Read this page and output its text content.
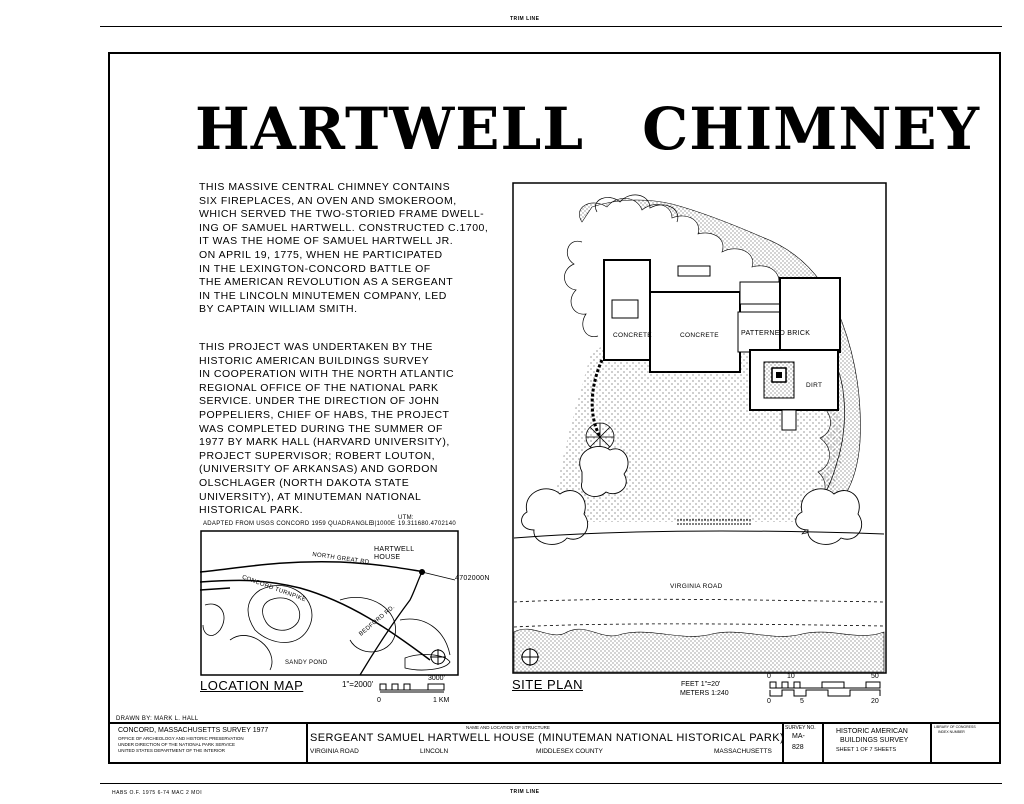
TRIM LINE
TRIM LINE
HABS O.F. 1975 6-74 MAC 2 MOI
HARTWELL CHIMNEY
THIS MASSIVE CENTRAL CHIMNEY CONTAINS
SIX FIREPLACES, AN OVEN AND SMOKEROOM,
WHICH SERVED THE TWO-STORIED FRAME DWELL-
ING OF SAMUEL HARTWELL. CONSTRUCTED C.1700,
IT WAS THE HOME OF SAMUEL HARTWELL JR.
ON APRIL 19, 1775, WHEN HE PARTICIPATED
IN THE LEXINGTON-CONCORD BATTLE OF
THE AMERICAN REVOLUTION AS A SERGEANT
IN THE LINCOLN MINUTEMEN COMPANY, LED
BY CAPTAIN WILLIAM SMITH.
THIS PROJECT WAS UNDERTAKEN BY THE
HISTORIC AMERICAN BUILDINGS SURVEY
IN COOPERATION WITH THE NORTH ATLANTIC
REGIONAL OFFICE OF THE NATIONAL PARK
SERVICE. UNDER THE DIRECTION OF JOHN
POPPELIERS, CHIEF OF HABS, THE PROJECT
WAS COMPLETED DURING THE SUMMER OF
1977 BY MARK HALL (HARVARD UNIVERSITY),
PROJECT SUPERVISOR; ROBERT LOUTON,
(UNIVERSITY OF ARKANSAS) AND GORDON
OLSCHLAGER (NORTH DAKOTA STATE
UNIVERSITY), AT MINUTEMAN NATIONAL
HISTORICAL PARK.
ADAPTED FROM USGS CONCORD 1959 QUADRANGLE
3|1000E
UTM:
19.311680.4702140
HARTWELL
HOUSE
4702000N
NORTH GREAT RD.
CONCORD TURNPIKE
BEDFORD RD.
SANDY POND
LOCATION MAP	1"=2000'
0
3000'
1 KM
CONCRETE	CONCRETE	PATTERNED BRICK
DIRT
VIRGINIA ROAD
SITE PLAN	FEET 1"=20'
METERS 1:240
0 10	50
0	5	20
DRAWN BY: MARK L. HALL
CONCORD, MASSACHUSETTS SURVEY 1977
OFFICE OF ARCHEOLOGY AND HISTORIC PRESERVATION
UNDER DIRECTION OF THE NATIONAL PARK SERVICE
UNITED STATES DEPARTMENT OF THE INTERIOR
NAME AND LOCATION OF STRUCTURE
SERGEANT SAMUEL HARTWELL HOUSE (MINUTEMAN NATIONAL HISTORICAL PARK)
VIRGINIA ROAD	LINCOLN	MIDDLESEX COUNTY	MASSACHUSETTS
SURVEY NO.
MA-
828
HISTORIC AMERICAN
BUILDINGS SURVEY
SHEET 1 OF 7 SHEETS
LIBRARY OF CONGRESS
INDEX NUMBER
